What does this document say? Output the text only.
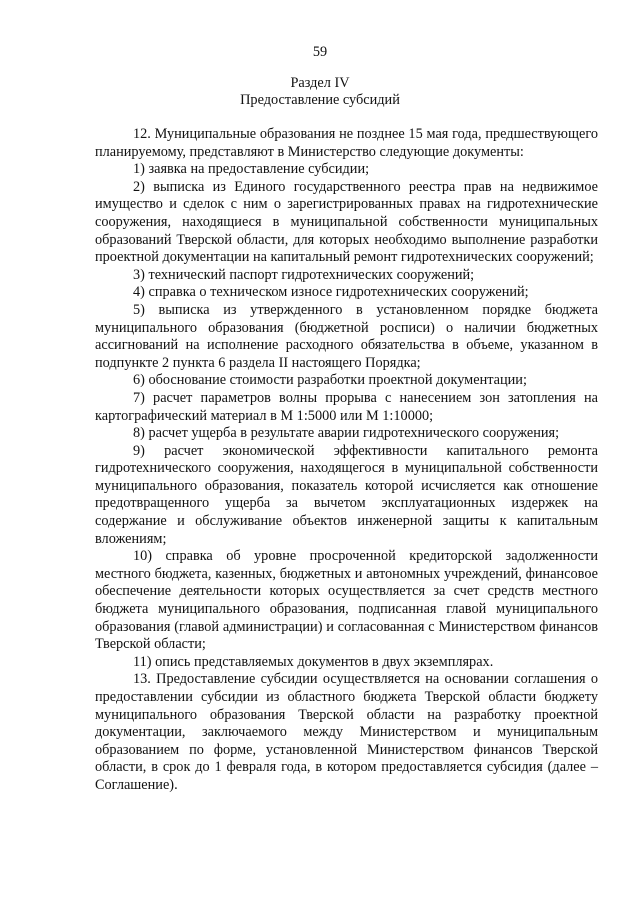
59
Раздел IV
Предоставление субсидий

12. Муниципальные образования не позднее 15 мая года, предшествующего планируемому, представляют в Министерство следующие документы:

1) заявка на предоставление субсидии;

2) выписка из Единого государственного реестра прав на недвижимое имущество и сделок с ним о зарегистрированных правах на гидротехнические сооружения, находящиеся в муниципальной собственности муниципальных образований Тверской области, для которых необходимо выполнение разработки проектной документации на капитальный ремонт гидротехнических сооружений;

3) технический паспорт гидротехнических сооружений;

4) справка о техническом износе гидротехнических сооружений;

5) выписка из утвержденного в установленном порядке бюджета муниципального образования (бюджетной росписи) о наличии бюджетных ассигнований на исполнение расходного обязательства в объеме, указанном в подпункте 2 пункта 6 раздела II настоящего Порядка;

6) обоснование стоимости разработки проектной документации;

7) расчет параметров волны прорыва с нанесением зон затопления на картографический материал в М 1:5000 или М 1:10000;

8) расчет ущерба в результате аварии гидротехнического сооружения;

9) расчет экономической эффективности капитального ремонта гидротехнического сооружения, находящегося в муниципальной собственности муниципального образования, показатель которой исчисляется как отношение предотвращенного ущерба за вычетом эксплуатационных издержек на содержание и обслуживание объектов инженерной защиты к капитальным вложениям;

10) справка об уровне просроченной кредиторской задолженности местного бюджета, казенных, бюджетных и автономных учреждений, финансовое обеспечение деятельности которых осуществляется за счет средств местного бюджета муниципального образования, подписанная главой муниципального образования (главой администрации) и согласованная с Министерством финансов Тверской области;

11) опись представляемых документов в двух экземплярах.

13. Предоставление субсидии осуществляется на основании соглашения о предоставлении субсидии из областного бюджета Тверской области бюджету муниципального образования Тверской области на разработку проектной документации, заключаемого между Министерством и муниципальным образованием по форме, установленной Министерством финансов Тверской области, в срок до 1 февраля года, в котором предоставляется субсидия (далее – Соглашение).
